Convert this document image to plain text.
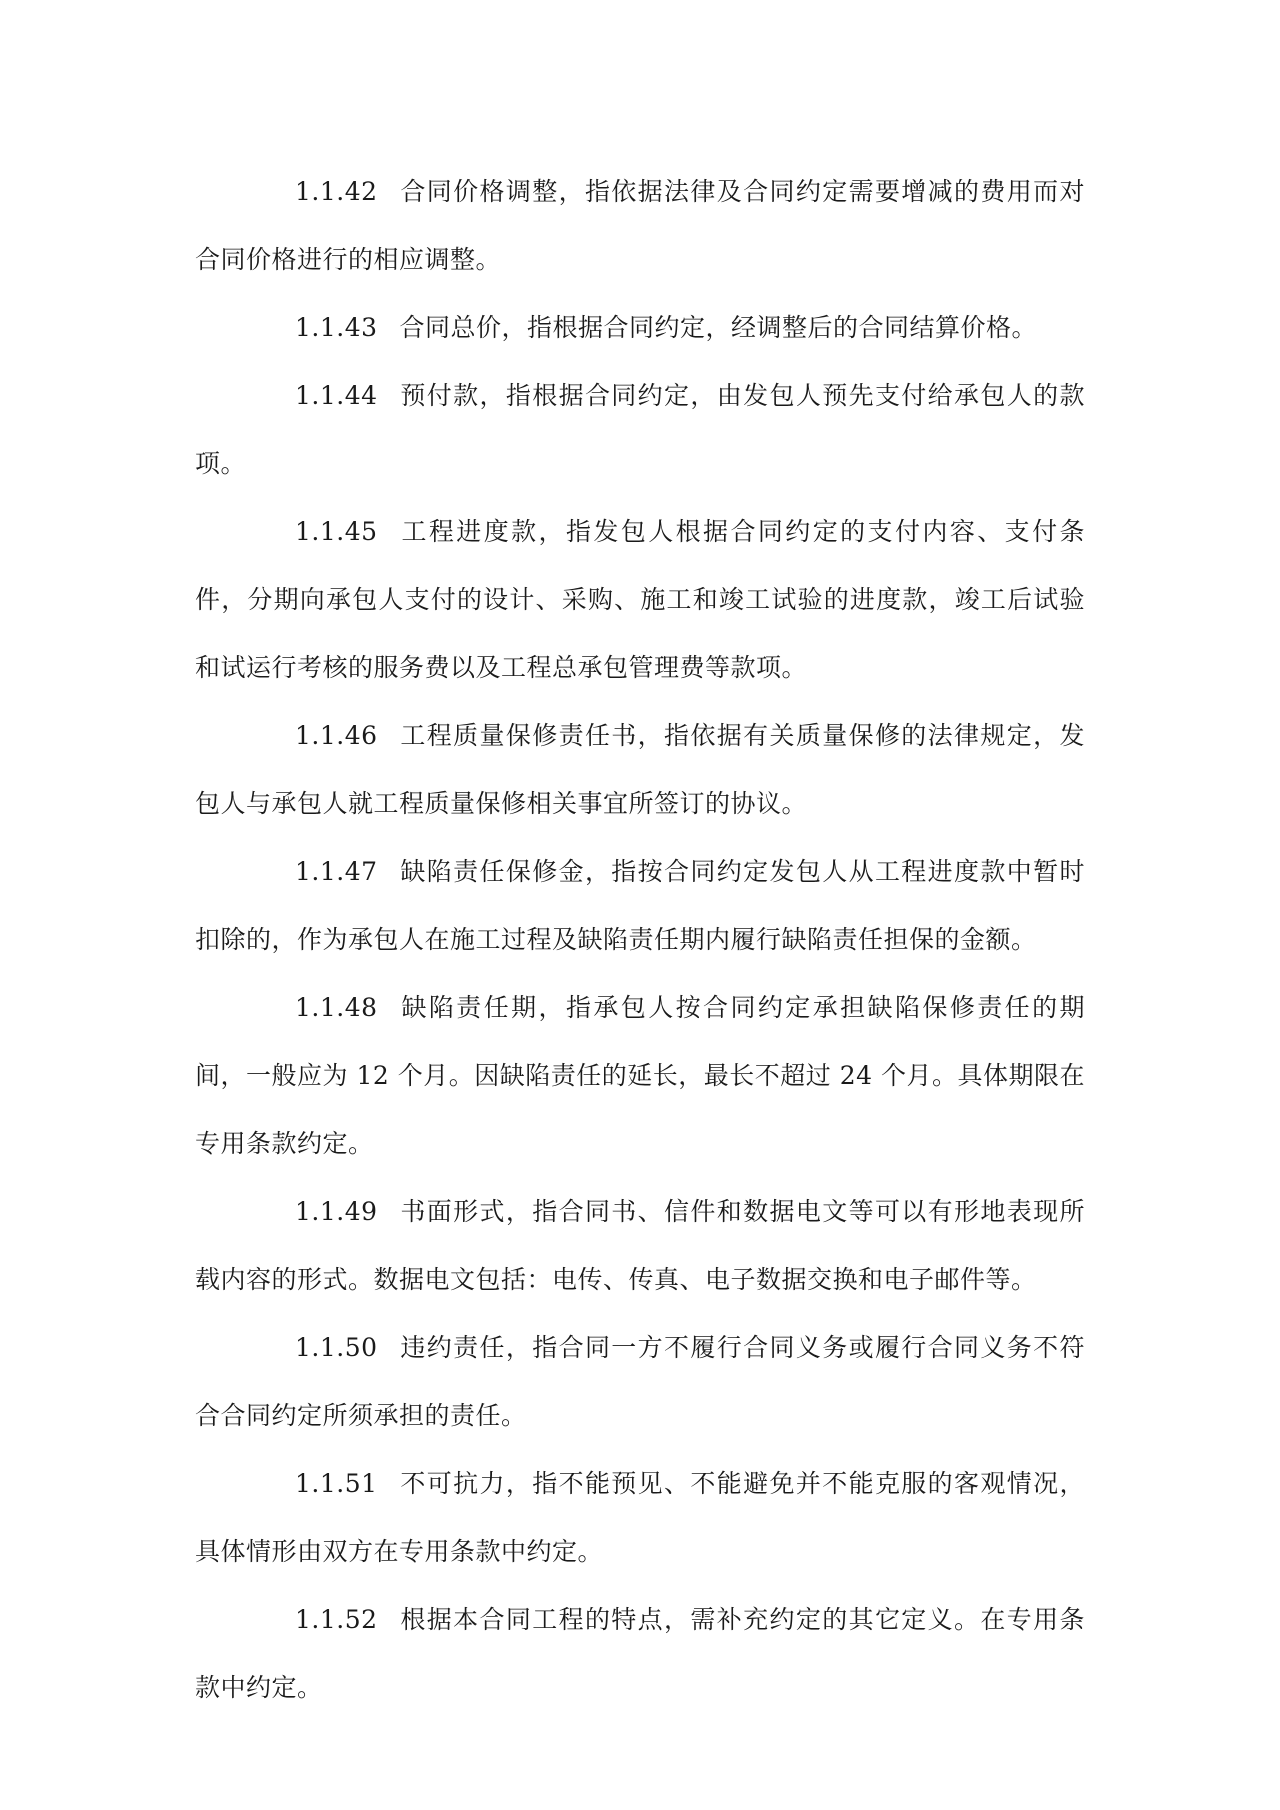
1.1.42 合同价格调整，指依据法律及合同约定需要增减的费用而对合同价格进行的相应调整。

1.1.43 合同总价，指根据合同约定，经调整后的合同结算价格。

1.1.44 预付款，指根据合同约定，由发包人预先支付给承包人的款项。

1.1.45 工程进度款，指发包人根据合同约定的支付内容、支付条件，分期向承包人支付的设计、采购、施工和竣工试验的进度款，竣工后试验和试运行考核的服务费以及工程总承包管理费等款项。

1.1.46 工程质量保修责任书，指依据有关质量保修的法律规定，发包人与承包人就工程质量保修相关事宜所签订的协议。

1.1.47 缺陷责任保修金，指按合同约定发包人从工程进度款中暂时扣除的，作为承包人在施工过程及缺陷责任期内履行缺陷责任担保的金额。

1.1.48 缺陷责任期，指承包人按合同约定承担缺陷保修责任的期间，一般应为 12 个月。因缺陷责任的延长，最长不超过 24 个月。具体期限在专用条款约定。

1.1.49 书面形式，指合同书、信件和数据电文等可以有形地表现所载内容的形式。数据电文包括：电传、传真、电子数据交换和电子邮件等。

1.1.50 违约责任，指合同一方不履行合同义务或履行合同义务不符合合同约定所须承担的责任。

1.1.51 不可抗力，指不能预见、不能避免并不能克服的客观情况，具体情形由双方在专用条款中约定。

1.1.52 根据本合同工程的特点，需补充约定的其它定义。在专用条款中约定。
